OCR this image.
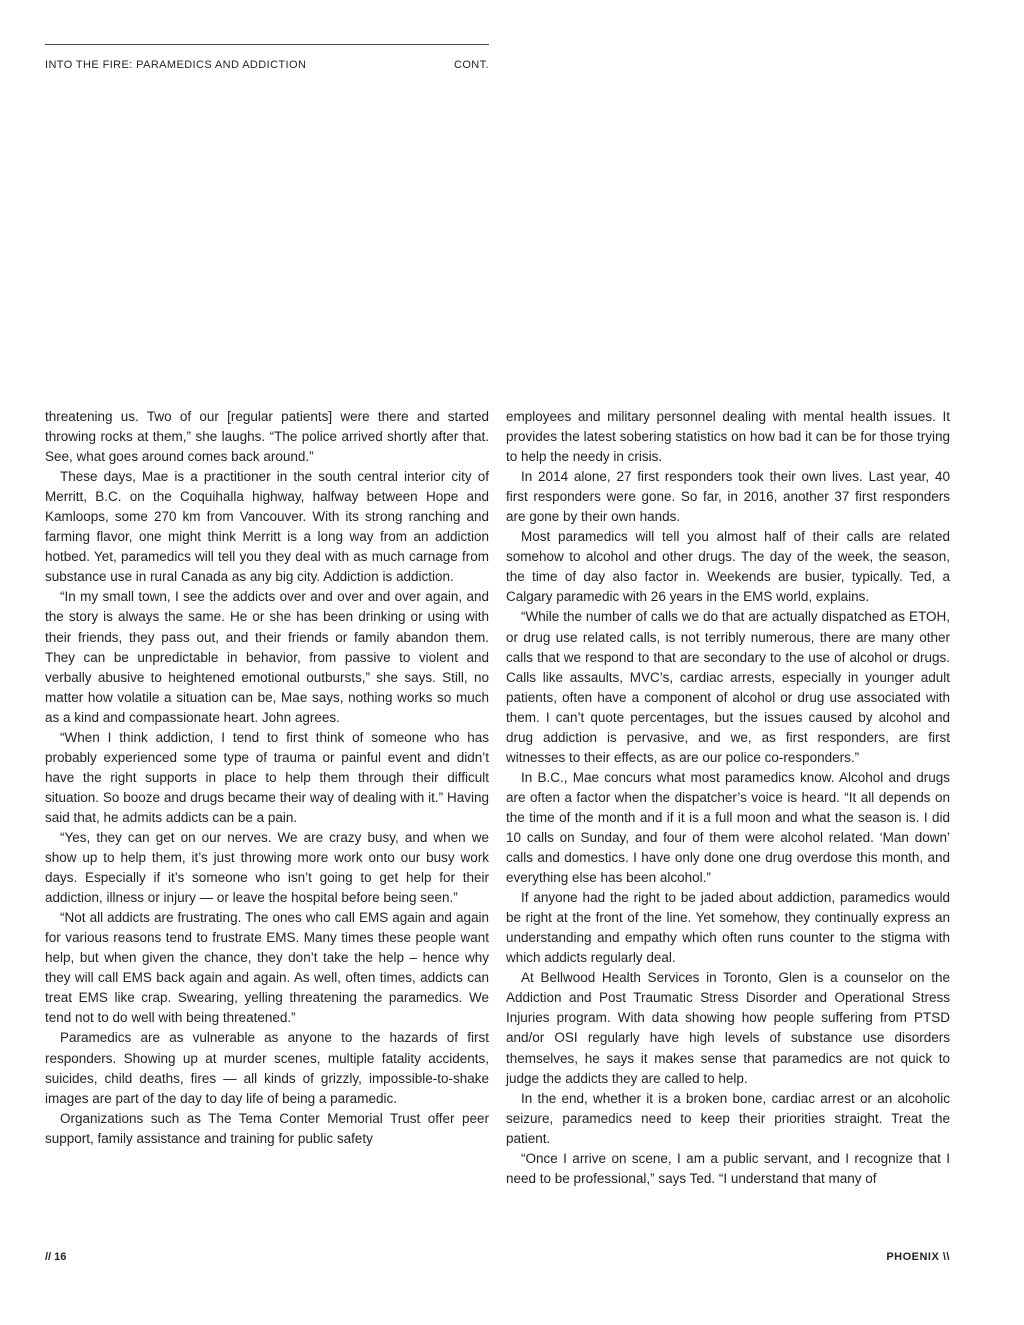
INTO THE FIRE: PARAMEDICS AND ADDICTION	CONT.

threatening us. Two of our [regular patients] were there and started throwing rocks at them,” she laughs. “The police arrived shortly after that. See, what goes around comes back around.”

These days, Mae is a practitioner in the south central interior city of Merritt, B.C. on the Coquihalla highway, halfway between Hope and Kamloops, some 270 km from Vancouver. With its strong ranching and farming flavor, one might think Merritt is a long way from an addiction hotbed. Yet, paramedics will tell you they deal with as much carnage from substance use in rural Canada as any big city. Addiction is addiction.

“In my small town, I see the addicts over and over and over again, and the story is always the same. He or she has been drinking or using with their friends, they pass out, and their friends or family abandon them. They can be unpredictable in behavior, from passive to violent and verbally abusive to heightened emotional outbursts,” she says. Still, no matter how volatile a situation can be, Mae says, nothing works so much as a kind and compassionate heart. John agrees.

“When I think addiction, I tend to first think of someone who has probably experienced some type of trauma or painful event and didn’t have the right supports in place to help them through their difficult situation. So booze and drugs became their way of dealing with it.” Having said that, he admits addicts can be a pain.

“Yes, they can get on our nerves. We are crazy busy, and when we show up to help them, it’s just throwing more work onto our busy work days. Especially if it’s someone who isn’t going to get help for their addiction, illness or injury — or leave the hospital before being seen.”

“Not all addicts are frustrating. The ones who call EMS again and again for various reasons tend to frustrate EMS. Many times these people want help, but when given the chance, they don’t take the help – hence why they will call EMS back again and again. As well, often times, addicts can treat EMS like crap. Swearing, yelling threatening the paramedics. We tend not to do well with being threatened.”

Paramedics are as vulnerable as anyone to the hazards of first responders. Showing up at murder scenes, multiple fatality accidents, suicides, child deaths, fires — all kinds of grizzly, impossible-to-shake images are part of the day to day life of being a paramedic.

Organizations such as The Tema Conter Memorial Trust offer peer support, family assistance and training for public safety

employees and military personnel dealing with mental health issues. It provides the latest sobering statistics on how bad it can be for those trying to help the needy in crisis.

In 2014 alone, 27 first responders took their own lives. Last year, 40 first responders were gone. So far, in 2016, another 37 first responders are gone by their own hands.

Most paramedics will tell you almost half of their calls are related somehow to alcohol and other drugs. The day of the week, the season, the time of day also factor in. Weekends are busier, typically. Ted, a Calgary paramedic with 26 years in the EMS world, explains.

“While the number of calls we do that are actually dispatched as ETOH, or drug use related calls, is not terribly numerous, there are many other calls that we respond to that are secondary to the use of alcohol or drugs. Calls like assaults, MVC’s, cardiac arrests, especially in younger adult patients, often have a component of alcohol or drug use associated with them. I can’t quote percentages, but the issues caused by alcohol and drug addiction is pervasive, and we, as first responders, are first witnesses to their effects, as are our police co-responders.”

In B.C., Mae concurs what most paramedics know. Alcohol and drugs are often a factor when the dispatcher’s voice is heard. “It all depends on the time of the month and if it is a full moon and what the season is. I did 10 calls on Sunday, and four of them were alcohol related. ‘Man down’ calls and domestics. I have only done one drug overdose this month, and everything else has been alcohol.”

If anyone had the right to be jaded about addiction, paramedics would be right at the front of the line. Yet somehow, they continually express an understanding and empathy which often runs counter to the stigma with which addicts regularly deal.

At Bellwood Health Services in Toronto, Glen is a counselor on the Addiction and Post Traumatic Stress Disorder and Operational Stress Injuries program. With data showing how people suffering from PTSD and/or OSI regularly have high levels of substance use disorders themselves, he says it makes sense that paramedics are not quick to judge the addicts they are called to help.

In the end, whether it is a broken bone, cardiac arrest or an alcoholic seizure, paramedics need to keep their priorities straight. Treat the patient.

“Once I arrive on scene, I am a public servant, and I recognize that I need to be professional,” says Ted. “I understand that many of

// 16	PHOENIX \\
